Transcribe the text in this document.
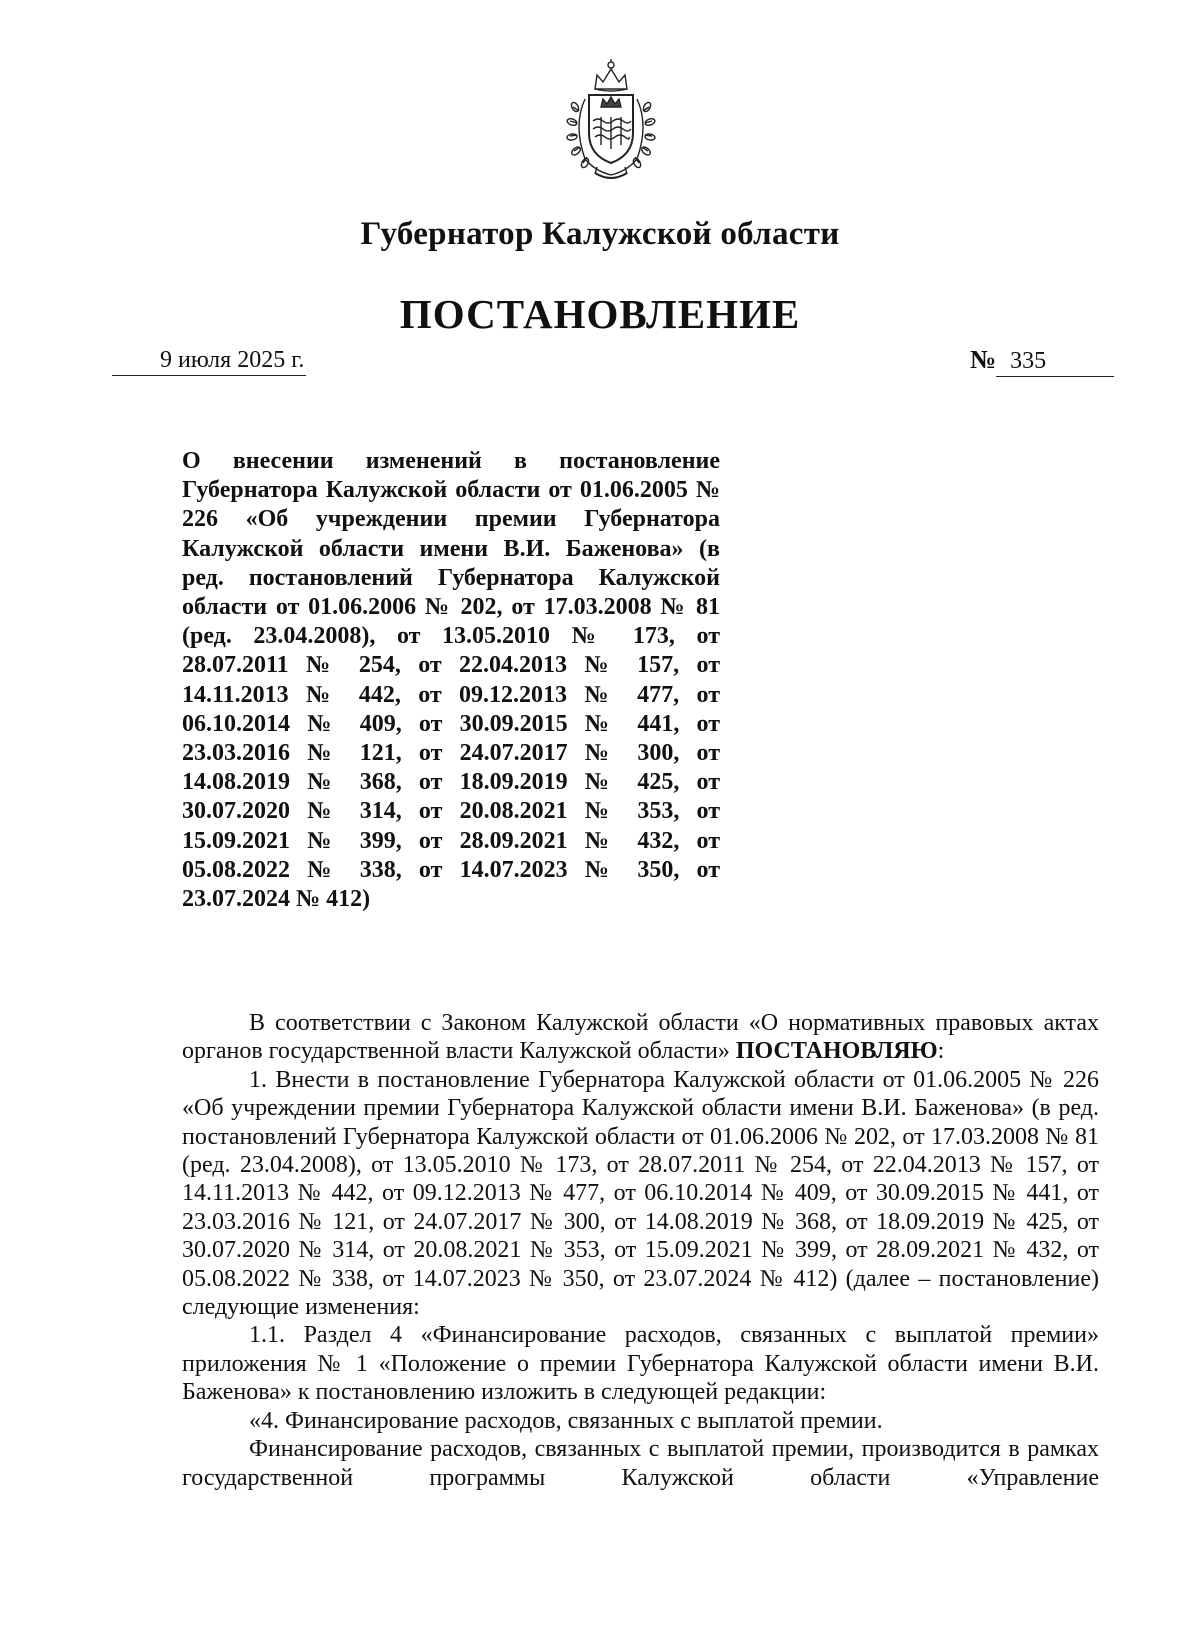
Губернатор Калужской области
ПОСТАНОВЛЕНИЕ
9 июля 2025 г.	№ 335
О внесении изменений в постановление Губернатора Калужской области от 01.06.2005 № 226 «Об учреждении премии Губернатора Калужской области имени В.И. Баженова» (в ред. постановлений Губернатора Калужской области от 01.06.2006 № 202, от 17.03.2008 № 81 (ред. 23.04.2008), от 13.05.2010 № 173, от 28.07.2011 № 254, от 22.04.2013 № 157, от 14.11.2013 № 442, от 09.12.2013 № 477, от 06.10.2014 № 409, от 30.09.2015 № 441, от 23.03.2016 № 121, от 24.07.2017 № 300, от 14.08.2019 № 368, от 18.09.2019 № 425, от 30.07.2020 № 314, от 20.08.2021 № 353, от 15.09.2021 № 399, от 28.09.2021 № 432, от 05.08.2022 № 338, от 14.07.2023 № 350, от 23.07.2024 № 412)

В соответствии с Законом Калужской области «О нормативных правовых актах органов государственной власти Калужской области» ПОСТАНОВЛЯЮ:

1. Внести в постановление Губернатора Калужской области от 01.06.2005 № 226 «Об учреждении премии Губернатора Калужской области имени В.И. Баженова» (в ред. постановлений Губернатора Калужской области от 01.06.2006 № 202, от 17.03.2008 № 81 (ред. 23.04.2008), от 13.05.2010 № 173, от 28.07.2011 № 254, от 22.04.2013 № 157, от 14.11.2013 № 442, от 09.12.2013 № 477, от 06.10.2014 № 409, от 30.09.2015 № 441, от 23.03.2016 № 121, от 24.07.2017 № 300, от 14.08.2019 № 368, от 18.09.2019 № 425, от 30.07.2020 № 314, от 20.08.2021 № 353, от 15.09.2021 № 399, от 28.09.2021 № 432, от 05.08.2022 № 338, от 14.07.2023 № 350, от 23.07.2024 № 412) (далее – постановление) следующие изменения:

1.1. Раздел 4 «Финансирование расходов, связанных с выплатой премии» приложения № 1 «Положение о премии Губернатора Калужской области имени В.И. Баженова» к постановлению изложить в следующей редакции:

«4. Финансирование расходов, связанных с выплатой премии.

Финансирование расходов, связанных с выплатой премии, производится в рамках государственной программы Калужской области «Управление
